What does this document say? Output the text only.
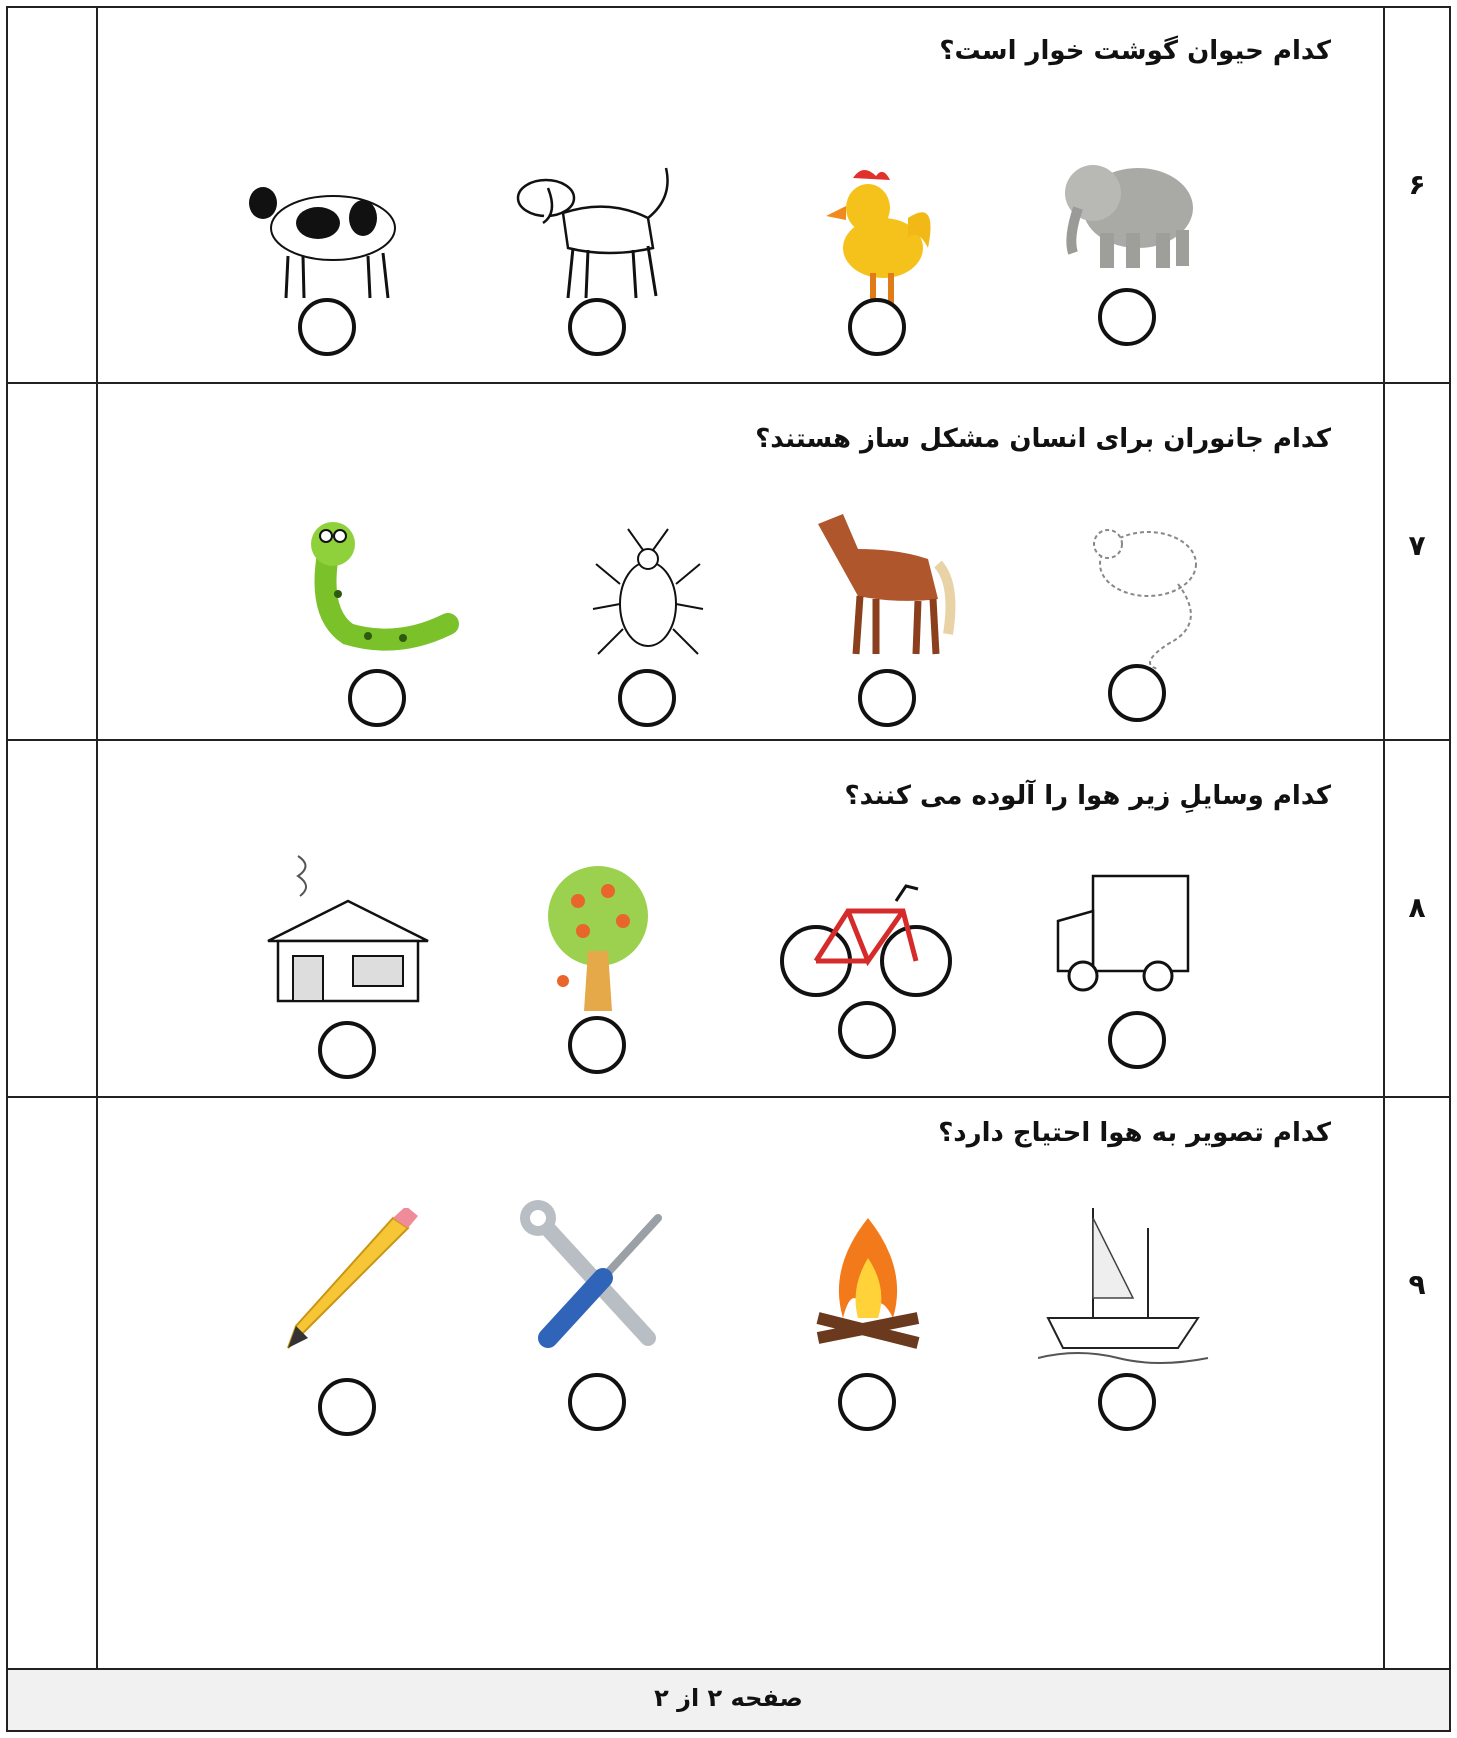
۶
کدام حیوان گوشت خوار است؟
۷
کدام جانوران برای انسان مشکل ساز هستند؟
۸
کدام وسایلِ زیر هوا را آلوده می کنند؟
۹
کدام تصویر به هوا احتیاج دارد؟
صفحه ۲ از ۲
